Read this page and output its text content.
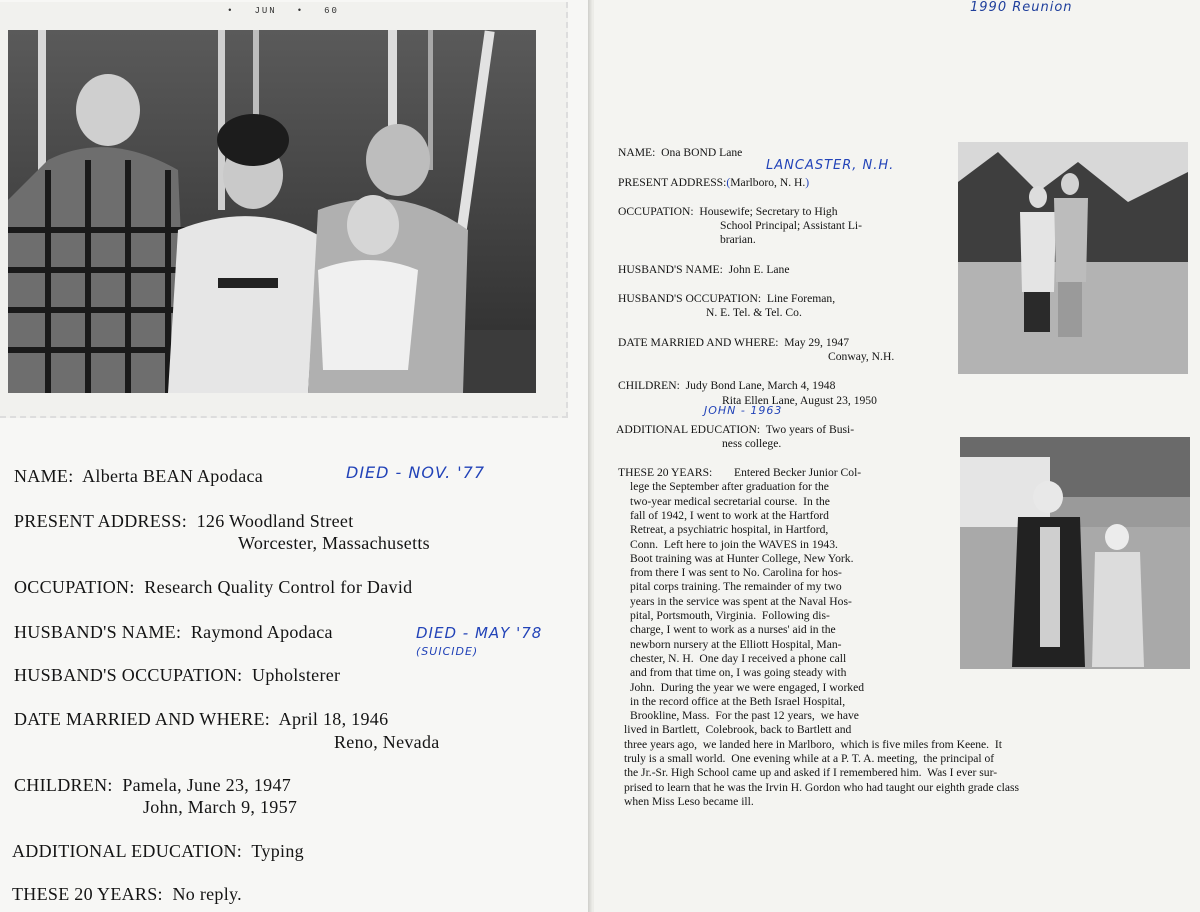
• JUN • 60
NAME: Alberta BEAN Apodaca	DIED - NOV. '77
PRESENT ADDRESS: 126 Woodland Street
Worcester, Massachusetts
OCCUPATION: Research Quality Control for David
HUSBAND'S NAME: Raymond Apodaca	DIED - MAY '78
(SUICIDE)
HUSBAND'S OCCUPATION: Upholsterer
DATE MARRIED AND WHERE: April 18, 1946
Reno, Nevada
CHILDREN: Pamela, June 23, 1947
John, March 9, 1957
ADDITIONAL EDUCATION: Typing
THESE 20 YEARS: No reply.
1990 Reunion
NAME: Ona BOND Lane
LANCASTER, N.H.
PRESENT ADDRESS:(Marlboro, N. H.)
OCCUPATION: Housewife; Secretary to High
School Principal; Assistant Li-
brarian.
HUSBAND'S NAME: John E. Lane
HUSBAND'S OCCUPATION: Line Foreman,
N. E. Tel. & Tel. Co.
DATE MARRIED AND WHERE: May 29, 1947
Conway, N.H.
CHILDREN: Judy Bond Lane, March 4, 1948
Rita Ellen Lane, August 23, 1950
JOHN - 1963
ADDITIONAL EDUCATION: Two years of Busi-
ness college.
THESE 20 YEARS: Entered Becker Junior Col-
lege the September after graduation for the
two-year medical secretarial course.  In the
fall of 1942, I went to work at the Hartford
Retreat, a psychiatric hospital, in Hartford,
Conn.  Left here to join the WAVES in 1943.
Boot training was at Hunter College, New York.
from there I was sent to No. Carolina for hos-
pital corps training. The remainder of my two
years in the service was spent at the Naval Hos-
pital, Portsmouth, Virginia.  Following dis-
charge, I went to work as a nurses' aid in the
newborn nursery at the Elliott Hospital, Man-
chester, N. H.  One day I received a phone call
and from that time on, I was going steady with
John.  During the year we were engaged, I worked
in the record office at the Beth Israel Hospital,
Brookline, Mass.  For the past 12 years,  we have
lived in Bartlett,  Colebrook, back to Bartlett and
three years ago,  we landed here in Marlboro,  which is five miles from Keene.  It
truly is a small world.  One evening while at a P. T. A. meeting,  the principal of
the Jr.-Sr. High School came up and asked if I remembered him.  Was I ever sur-
prised to learn that he was the Irvin H. Gordon who had taught our eighth grade class
when Miss Leso became ill.
